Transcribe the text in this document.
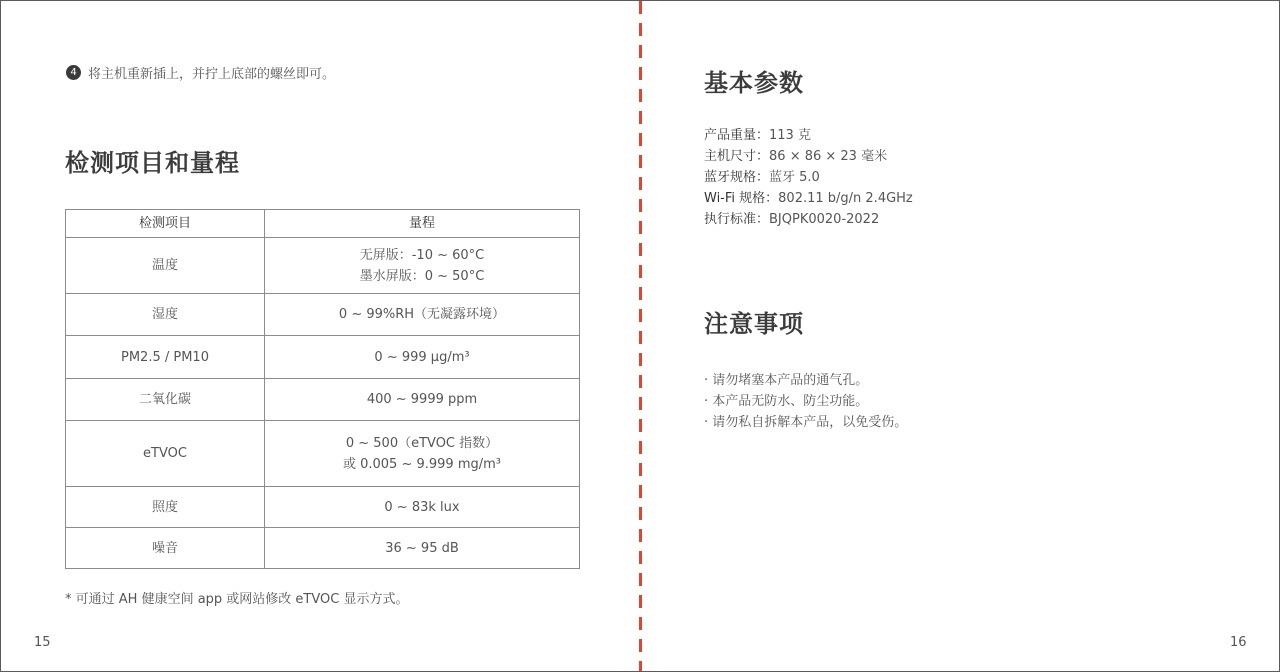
4 将主机重新插上，并拧上底部的螺丝即可。
检测项目和量程
检测项目	量程
温度	无屏版：-10 ~ 60°C
墨水屏版：0 ~ 50°C

湿度	0 ~ 99%RH（无凝露环境）

PM2.5 / PM10	0 ~ 999 μg/m³

二氧化碳	400 ~ 9999 ppm

eTVOC	0 ~ 500（eTVOC 指数）
或 0.005 ~ 9.999 mg/m³

照度	0 ~ 83k lux

噪音	36 ~ 95 dB
* 可通过 AH 健康空间 app 或网站修改 eTVOC 显示方式。
15
基本参数
产品重量：113 克
主机尺寸：86 × 86 × 23 毫米
蓝牙规格：蓝牙 5.0
Wi-Fi 规格：802.11 b/g/n 2.4GHz
执行标准：BJQPK0020-2022
注意事项
· 请勿堵塞本产品的通气孔。
· 本产品无防水、防尘功能。
· 请勿私自拆解本产品，以免受伤。
16
